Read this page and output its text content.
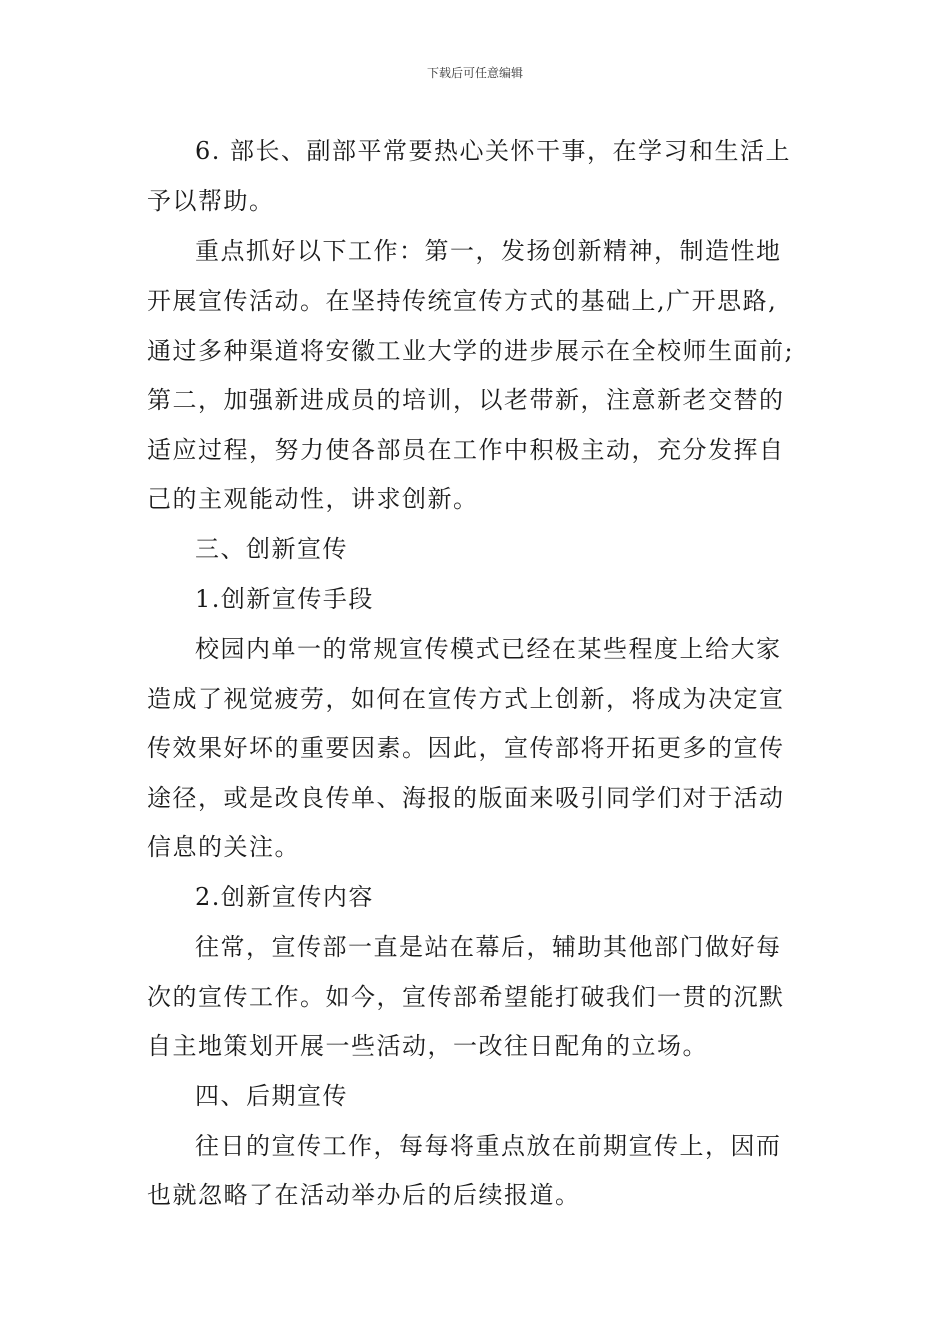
下载后可任意编辑
6. 部长、副部平常要热心关怀干事，在学习和生活上
予以帮助。
重点抓好以下工作：第一，发扬创新精神，制造性地
开展宣传活动。在坚持传统宣传方式的基础上,广开思路,
通过多种渠道将安徽工业大学的进步展示在全校师生面前;
第二，加强新进成员的培训，以老带新，注意新老交替的
适应过程，努力使各部员在工作中积极主动，充分发挥自
己的主观能动性，讲求创新。
三、创新宣传
1.创新宣传手段
校园内单一的常规宣传模式已经在某些程度上给大家
造成了视觉疲劳，如何在宣传方式上创新，将成为决定宣
传效果好坏的重要因素。因此，宣传部将开拓更多的宣传
途径，或是改良传单、海报的版面来吸引同学们对于活动
信息的关注。
2.创新宣传内容
往常，宣传部一直是站在幕后，辅助其他部门做好每
次的宣传工作。如今，宣传部希望能打破我们一贯的沉默
自主地策划开展一些活动，一改往日配角的立场。
四、后期宣传
往日的宣传工作，每每将重点放在前期宣传上，因而
也就忽略了在活动举办后的后续报道。
